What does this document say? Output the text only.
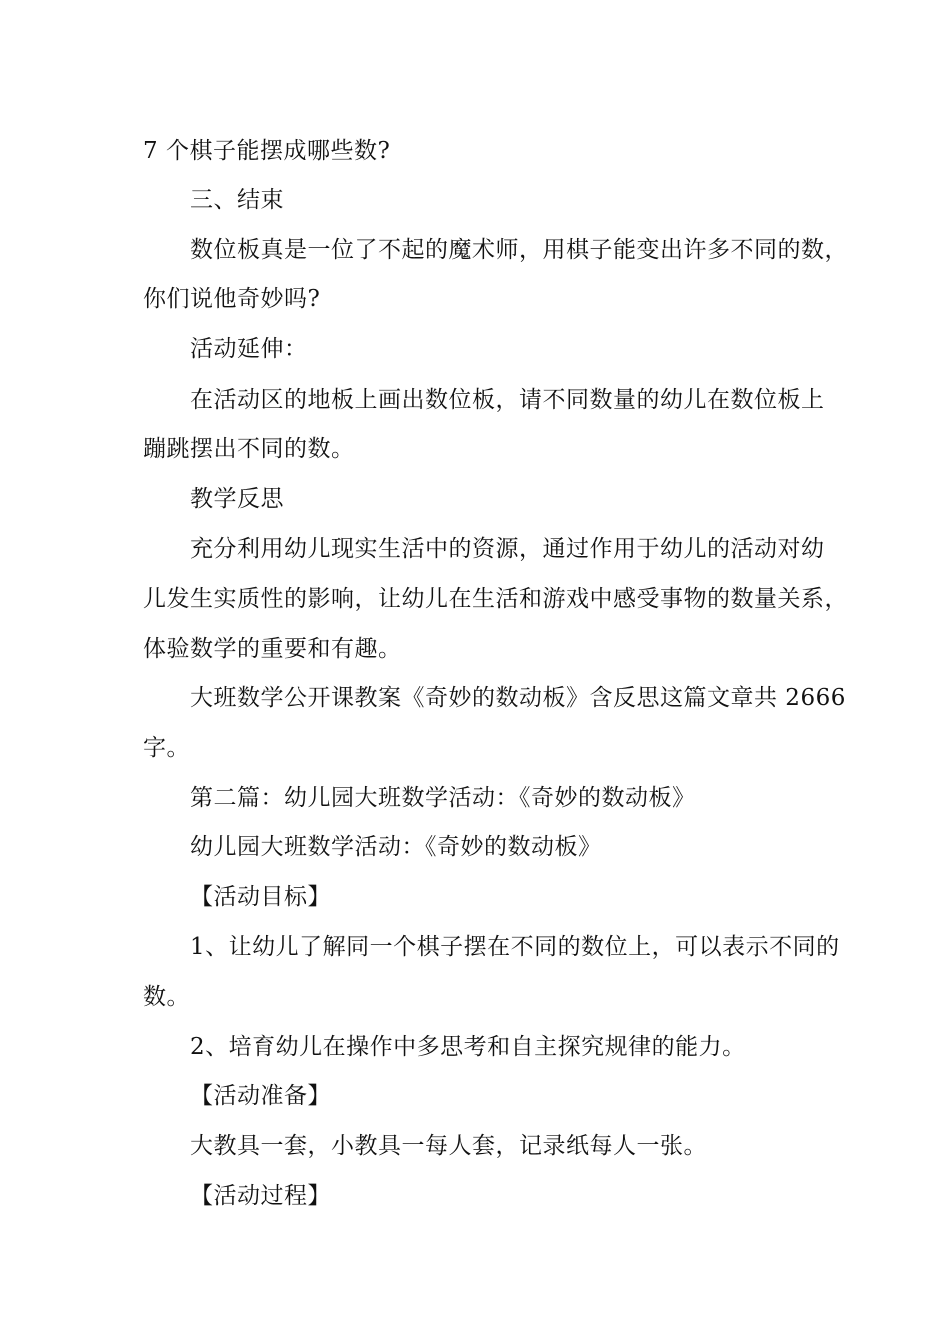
7 个棋子能摆成哪些数?
三、结束
数位板真是一位了不起的魔术师，用棋子能变出许多不同的数，
你们说他奇妙吗?
活动延伸：
在活动区的地板上画出数位板，请不同数量的幼儿在数位板上
蹦跳摆出不同的数。
教学反思
充分利用幼儿现实生活中的资源，通过作用于幼儿的活动对幼
儿发生实质性的影响，让幼儿在生活和游戏中感受事物的数量关系，
体验数学的重要和有趣。
大班数学公开课教案《奇妙的数动板》含反思这篇文章共 2666
字。
第二篇：幼儿园大班数学活动：《奇妙的数动板》
幼儿园大班数学活动：《奇妙的数动板》
【活动目标】
1、让幼儿了解同一个棋子摆在不同的数位上，可以表示不同的
数。
2、培育幼儿在操作中多思考和自主探究规律的能力。
【活动准备】
大教具一套，小教具一每人套，记录纸每人一张。
【活动过程】
